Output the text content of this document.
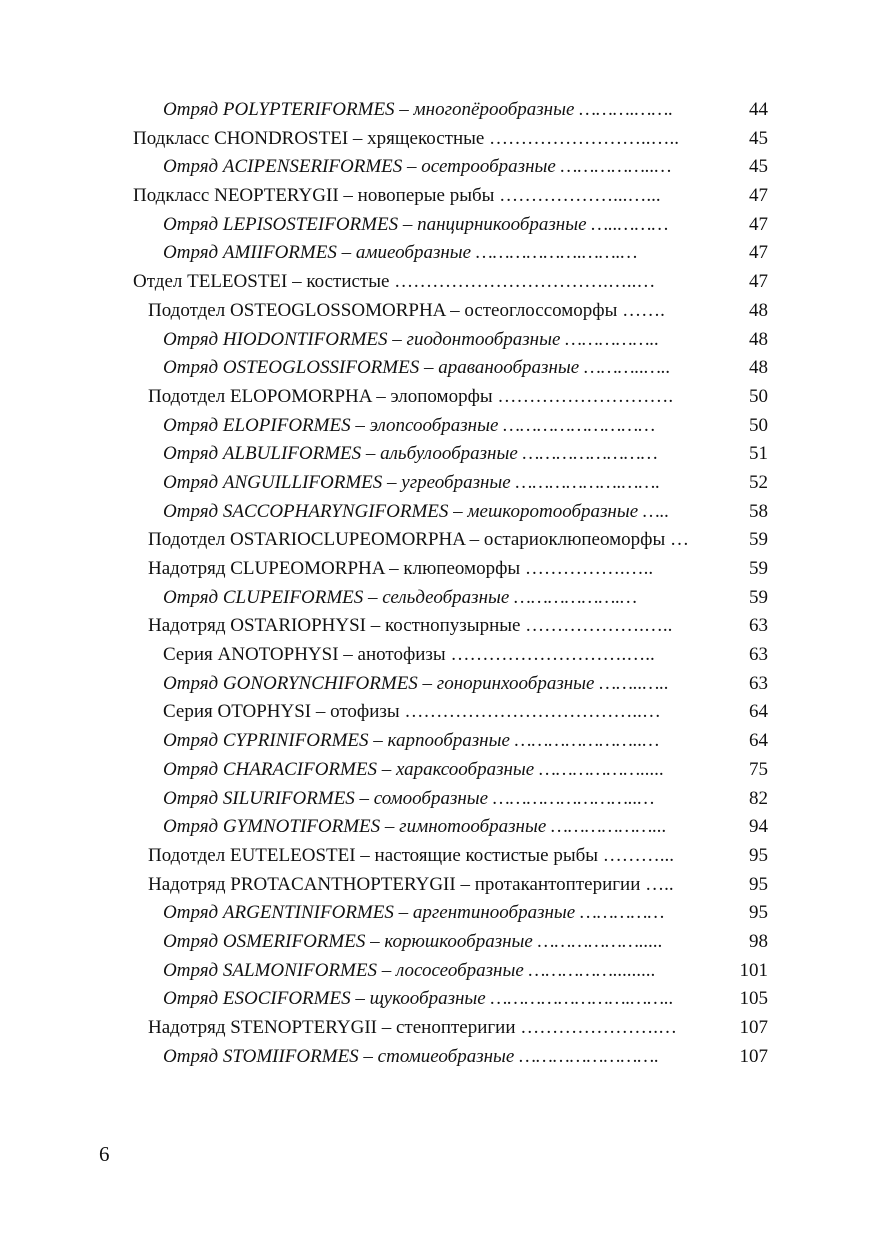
Отряд POLYPTERIFORMES – многопёрообразные ……….…….	44
Подкласс CHONDROSTEI – хрящекостные ……………………..…..	45
Отряд ACIPENSERIFORMES – осетрообразные ……………..…	45
Подкласс NEOPTERYGII – новоперые рыбы ………………...…...	47
Отряд LEPISOSTEIFORMES – панцирникообразные …..………	47
Отряд AMIIFORMES – амиеобразные ……………….…….…	47
Отдел TELEOSTEI – костистые …………………………….…..…	47
Подотдел OSTEOGLOSSOMORPHA – остеоглоссоморфы …….	48
Отряд HIODONTIFORMES – гиодонтообразные ……………..	48
Отряд OSTEOGLOSSIFORMES – араванообразные ………..…..	48
Подотдел ELOPOMORPHA – элопоморфы ……………………….	50
Отряд ELOPIFORMES – элопсообразные ………………………	50
Отряд ALBULIFORMES – альбулообразные ……………………	51
Отряд ANGUILLIFORMES – угреобразные ……………….…….	52
Отряд SACCOPHARYNGIFORMES – мешкоротообразные …..	58
Подотдел OSTARIOCLUPEOMORPHA – остариоклюпеоморфы …	59
Надотряд CLUPEOMORPHA – клюпеоморфы …………….…..	59
Отряд CLUPEIFORMES – сельдеобразные ……………….…	59
Надотряд OSTARIOPHYSI – костнопузырные ……………….…..	63
Серия ANOTOPHYSI – анотофизы ……………………….…..	63
Отряд GONORYNCHIFORMES – гоноринхообразные ……..…..	63
Серия OTOPHYSI – отофизы ………………………………..…	64
Отряд CYPRINIFORMES – карпообразные …………………..…	64
Отряд CHARACIFORMES – хараксообразные ……………….....	75
Отряд SILURIFORMES – сомообразные ……………………..…	82
Отряд GYMNOTIFORMES – гимнотообразные ………………...	94
Подотдел EUTELEOSTEI – настоящие костистые рыбы ………...	95
Надотряд PROTACANTHOPTERYGII – протакантоптеригии …..	95
Отряд ARGENTINIFORMES – аргентинообразные ……………	95
Отряд OSMERIFORMES – корюшкообразные ……………….....	98
Отряд SALMONIFORMES – лососеобразные …………….........	101
Отряд ESOCIFORMES – щукообразные …………………….……..	105
Надотряд STENOPTERYGII – стеноптеригии ………………….…	107
Отряд STOMIIFORMES – стомиеобразные …………………….	107
6
